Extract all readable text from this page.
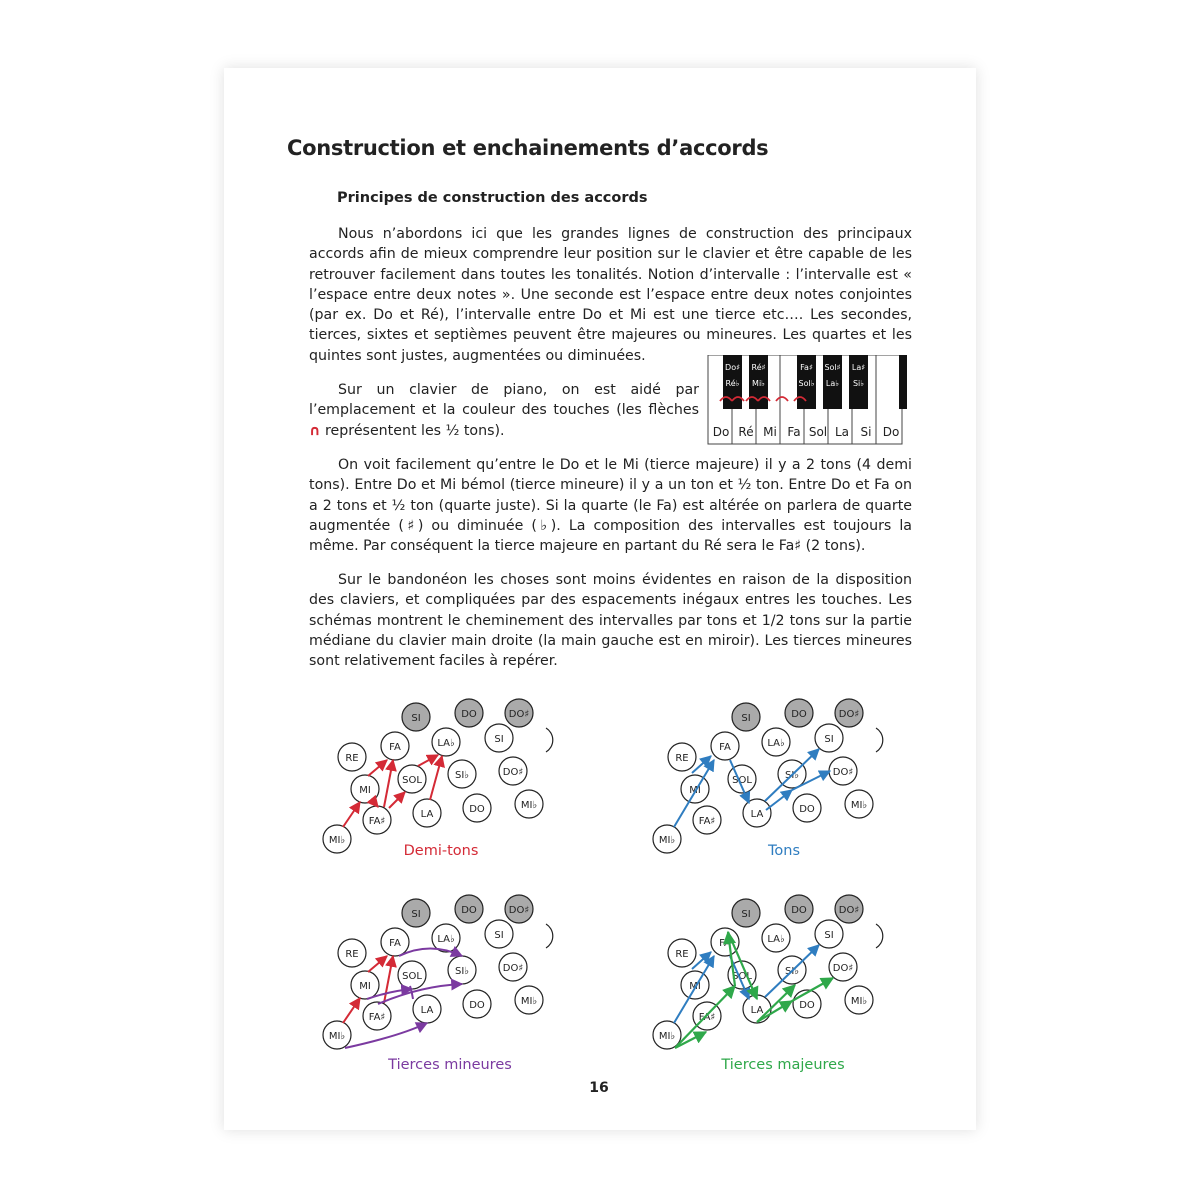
Construction et enchainements d’accords
Principes de construction des accords
Nous n’abordons ici que les grandes lignes de construction des principaux accords afin de mieux comprendre leur position sur le clavier et être capable de les retrouver facilement dans toutes les tonalités. Notion d’intervalle : l’intervalle est « l’espace entre deux notes ». Une seconde est l’espace entre deux notes conjointes (par ex. Do et Ré), l’intervalle entre Do et Mi est une tierce etc…. Les secondes, tierces, sixtes et septièmes peuvent être majeures ou mineures. Les quartes et les quintes sont justes, augmentées ou diminuées.
Sur un clavier de piano, on est aidé par l’emplacement et la couleur des touches (les flèches ∩ représentent les ½ tons).	Do Ré Mi Fa Sol La Si Do
Do♯
Ré♭
Ré♯
Mi♭
Fa♯
Sol♭
Sol♯
La♭
La♯
Si♭
On voit facilement qu’entre le Do et le Mi (tierce majeure) il y a 2 tons (4 demi tons). Entre Do et Mi bémol (tierce mineure) il y a un ton et ½ ton. Entre Do et Fa on a 2 tons et ½ ton (quarte juste). Si la quarte (le Fa) est altérée on parlera de quarte augmentée (♯) ou diminuée (♭). La composition des intervalles est toujours la même. Par conséquent la tierce majeure en partant du Ré sera le Fa♯ (2 tons).
Sur le bandonéon les choses sont moins évidentes en raison de la disposition des claviers, et compliquées par des espacements inégaux entres les touches. Les schémas montrent le cheminement des intervalles par tons et 1/2 tons sur la partie médiane du clavier main droite (la main gauche est en miroir). Les tierces mineures sont relativement faciles à repérer.
SI	DO	DO♯
RE
FA	LA♭	SI
MI
SOL	SI♭	DO♯
FA♯
LA	DO	MI♭
MI♭
SI	DO	DO♯
RE
FA	LA♭	SI
MI
SOL	SI♭	DO♯
FA♯
LA	DO	MI♭
MI♭
SI	DO	DO♯
RE
FA	LA♭	SI
MI
SOL	SI♭	DO♯
FA♯
LA	DO	MI♭
MI♭
SI	DO	DO♯
RE
FA	LA♭	SI
MI
SOL	SI♭	DO♯
FA♯
LA	DO	MI♭
MI♭
Demi-tons	Tons
Tierces mineures	Tierces majeures
16
